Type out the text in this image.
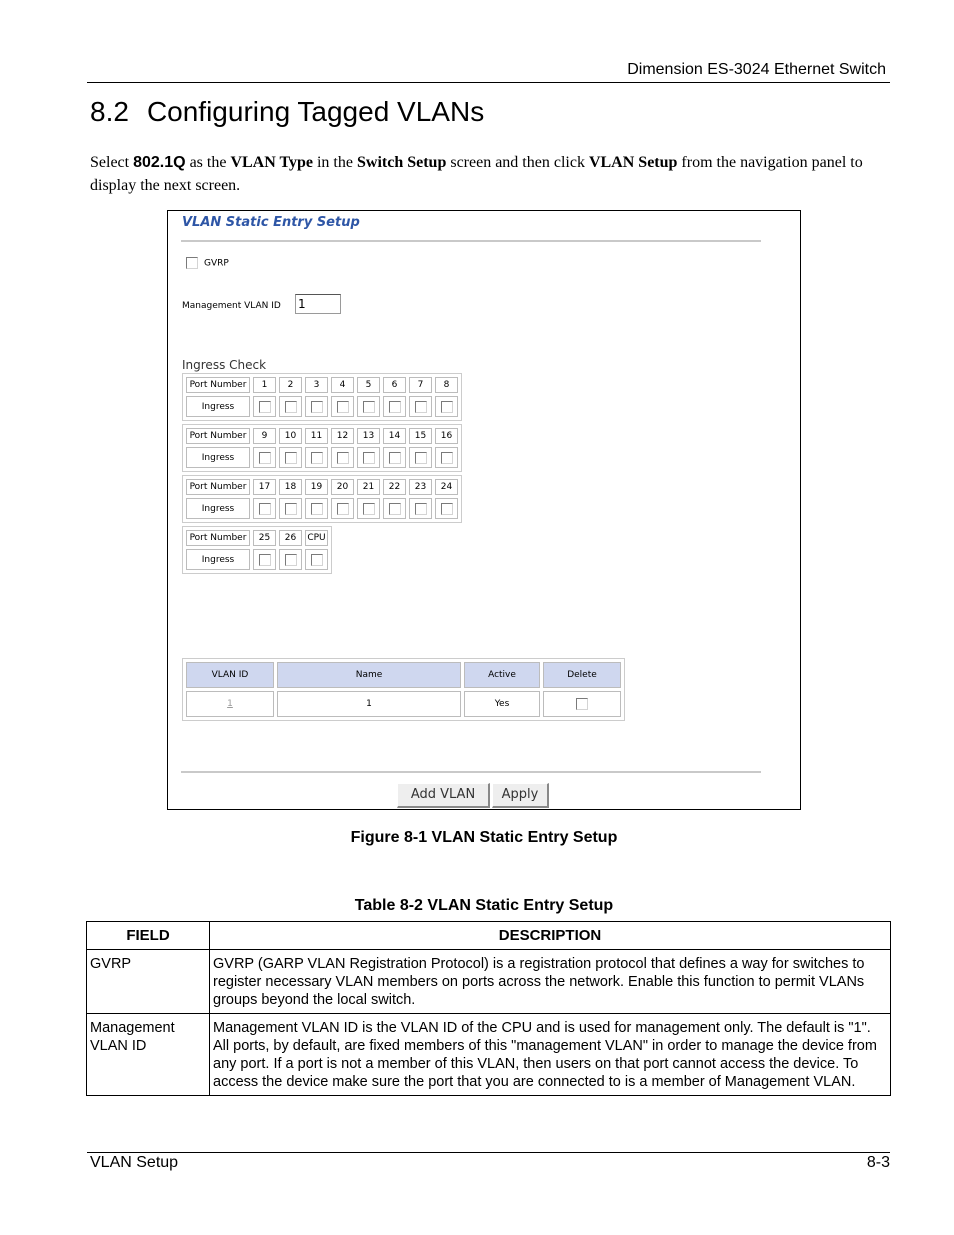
Dimension ES-3024 Ethernet Switch
8.2 Configuring Tagged VLANs
Select 802.1Q as the VLAN Type in the Switch Setup screen and then click VLAN Setup from the navigation panel to display the next screen.
VLAN Static Entry Setup
GVRP
Management VLAN ID 1
Ingress Check
Port Number	1	2	3	4	5	6	7	8
Ingress								
Port Number	9	10	11	12	13	14	15	16
Ingress								
Port Number	17	18	19	20	21	22	23	24
Ingress								
Port Number	25	26	CPU
Ingress			
VLAN ID	Name	Active	Delete
1	1	Yes	
Add VLAN	Apply
Figure 8-1 VLAN Static Entry Setup
Table 8-2 VLAN Static Entry Setup
FIELD	DESCRIPTION
GVRP	GVRP (GARP VLAN Registration Protocol) is a registration protocol that defines a way for switches to register necessary VLAN members on ports across the network. Enable this function to permit VLANs groups beyond the local switch.
Management VLAN ID	Management VLAN ID is the VLAN ID of the CPU and is used for management only. The default is "1". All ports, by default, are fixed members of this "management VLAN" in order to manage the device from any port. If a port is not a member of this VLAN, then users on that port cannot access the device. To access the device make sure the port that you are connected to is a member of Management VLAN.
VLAN Setup	8-3
